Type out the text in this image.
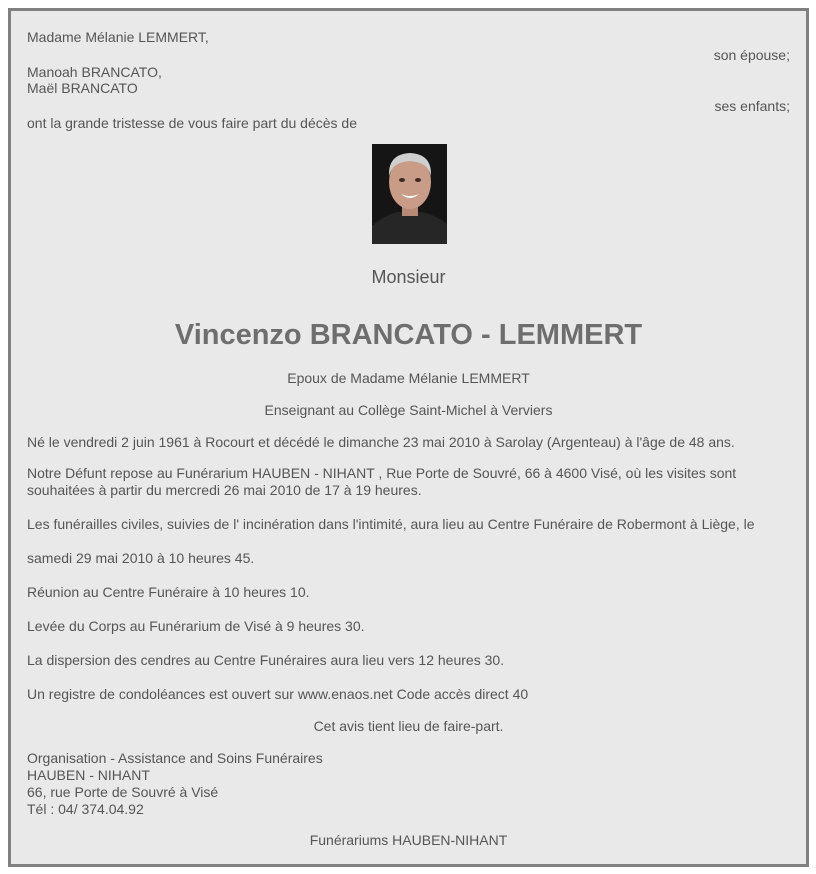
Madame Mélanie LEMMERT,
son épouse;
Manoah BRANCATO,
Maël BRANCATO
ses enfants;
ont la grande tristesse de vous faire part du décès de
Monsieur
Vincenzo BRANCATO - LEMMERT
Epoux de Madame Mélanie LEMMERT
Enseignant au Collège Saint-Michel à Verviers
Né le vendredi 2 juin 1961 à Rocourt et décédé le dimanche 23 mai 2010 à Sarolay (Argenteau) à l'âge de 48 ans.
Notre Défunt repose au Funérarium HAUBEN - NIHANT , Rue Porte de Souvré, 66 à 4600 Visé, où les visites sont
souhaitées à partir du mercredi 26 mai 2010 de 17 à 19 heures.
Les funérailles civiles, suivies de l' incinération dans l'intimité, aura lieu au Centre Funéraire de Robermont à Liège, le
samedi 29 mai 2010 à 10 heures 45.
Réunion au Centre Funéraire à 10 heures 10.
Levée du Corps au Funérarium de Visé à 9 heures 30.
La dispersion des cendres au Centre Funéraires aura lieu vers 12 heures 30.
Un registre de condoléances est ouvert sur www.enaos.net Code accès direct 40
Cet avis tient lieu de faire-part.
Organisation - Assistance and Soins Funéraires
HAUBEN - NIHANT
66, rue Porte de Souvré à Visé
Tél : 04/ 374.04.92
Funérariums HAUBEN-NIHANT
